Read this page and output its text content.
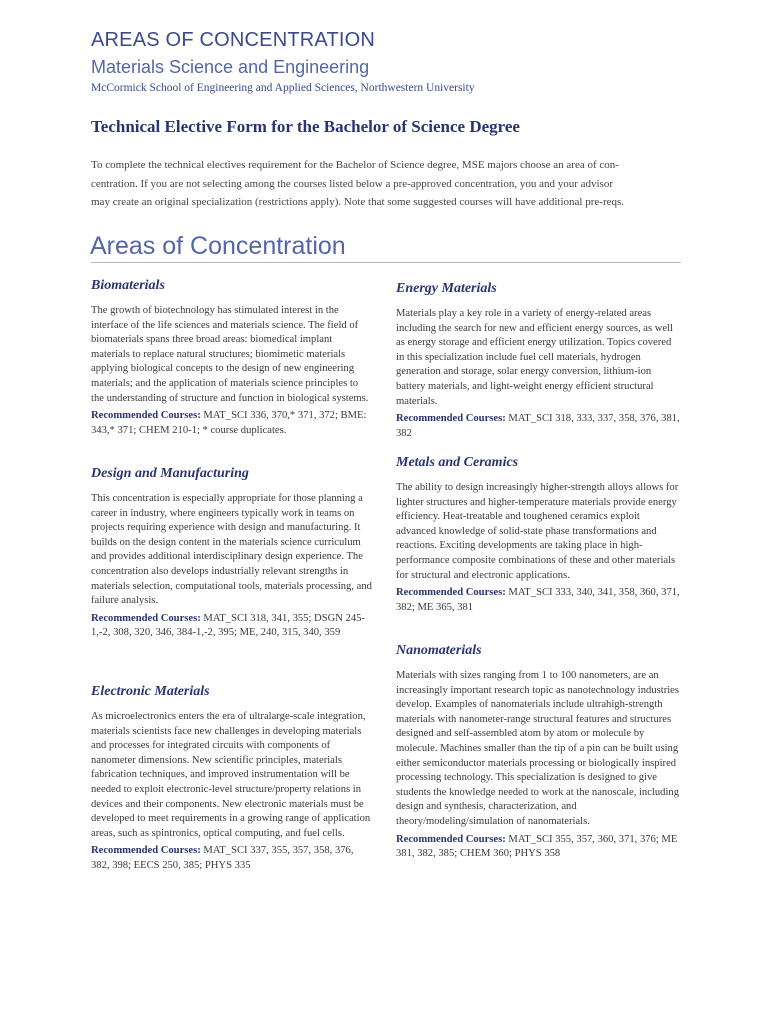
AREAS OF CONCENTRATION
Materials Science and Engineering
McCormick School of Engineering and Applied Sciences, Northwestern University
Technical Elective Form for the Bachelor of Science Degree
To complete the technical electives requirement for the Bachelor of Science degree, MSE majors choose an area of con-
centration. If you are not selecting among the courses listed below a pre-approved concentration, you and your advisor
may create an original specialization (restrictions apply). Note that some suggested courses will have additional pre-reqs.
Areas of Concentration
Biomaterials

The growth of biotechnology has stimulated interest in the interface of the life sciences and materials science. The field of biomaterials spans three broad areas: biomedical implant materials to replace natural structures; biomimetic materials applying biological concepts to the design of new engineering materials; and the application of materials science principles to the understanding of structure and function in biological systems.

Recommended Courses: MAT_SCI 336, 370,* 371, 372; BME: 343,* 371; CHEM 210-1; * course duplicates.

Design and Manufacturing

This concentration is especially appropriate for those planning a career in industry, where engineers typically work in teams on projects requiring experience with design and manufacturing. It builds on the design content in the materials science curriculum and provides additional interdisciplinary design experience. The concentration also develops industrially relevant strengths in materials selection, computational tools, materials processing, and failure analysis.

Recommended Courses: MAT_SCI 318, 341, 355; DSGN 245-1,-2, 308, 320, 346, 384-1,-2, 395; ME, 240, 315, 340, 359

Electronic Materials

As microelectronics enters the era of ultralarge-scale integration, materials scientists face new challenges in developing materials and processes for integrated circuits with components of nanometer dimensions. New scientific principles, materials fabrication techniques, and improved instrumentation will be needed to exploit electronic-level structure/property relations in devices and their components. New electronic materials must be developed to meet requirements in a growing range of application areas, such as spintronics, optical computing, and fuel cells.

Recommended Courses: MAT_SCI 337, 355, 357, 358, 376, 382, 398; EECS 250, 385; PHYS 335

Energy Materials

Materials play a key role in a variety of energy-related areas including the search for new and efficient energy sources, as well as energy storage and efficient energy utilization. Topics covered in this specialization include fuel cell materials, hydrogen generation and storage, solar energy conversion, lithium-ion battery materials, and light-weight energy efficient structural materials.

Recommended Courses: MAT_SCI 318, 333, 337, 358, 376, 381, 382

Metals and Ceramics

The ability to design increasingly higher-strength alloys allows for lighter structures and higher-temperature materials provide energy efficiency. Heat-treatable and toughened ceramics exploit advanced knowledge of solid-state phase transformations and reactions. Exciting developments are taking place in high-performance composite combinations of these and other materials for structural and electronic applications.

Recommended Courses: MAT_SCI 333, 340, 341, 358, 360, 371, 382; ME 365, 381

Nanomaterials

Materials with sizes ranging from 1 to 100 nanometers, are an increasingly important research topic as nanotechnology industries develop. Examples of nanomaterials include ultrahigh-strength materials with nanometer-range structural features and structures designed and self-assembled atom by atom or molecule by molecule. Machines smaller than the tip of a pin can be built using either semiconductor materials processing or biologically inspired processing technology. This specialization is designed to give students the knowledge needed to work at the nanoscale, including design and synthesis, characterization, and theory/modeling/simulation of nanomaterials.

Recommended Courses: MAT_SCI 355, 357, 360, 371, 376; ME 381, 382, 385; CHEM 360; PHYS 358
